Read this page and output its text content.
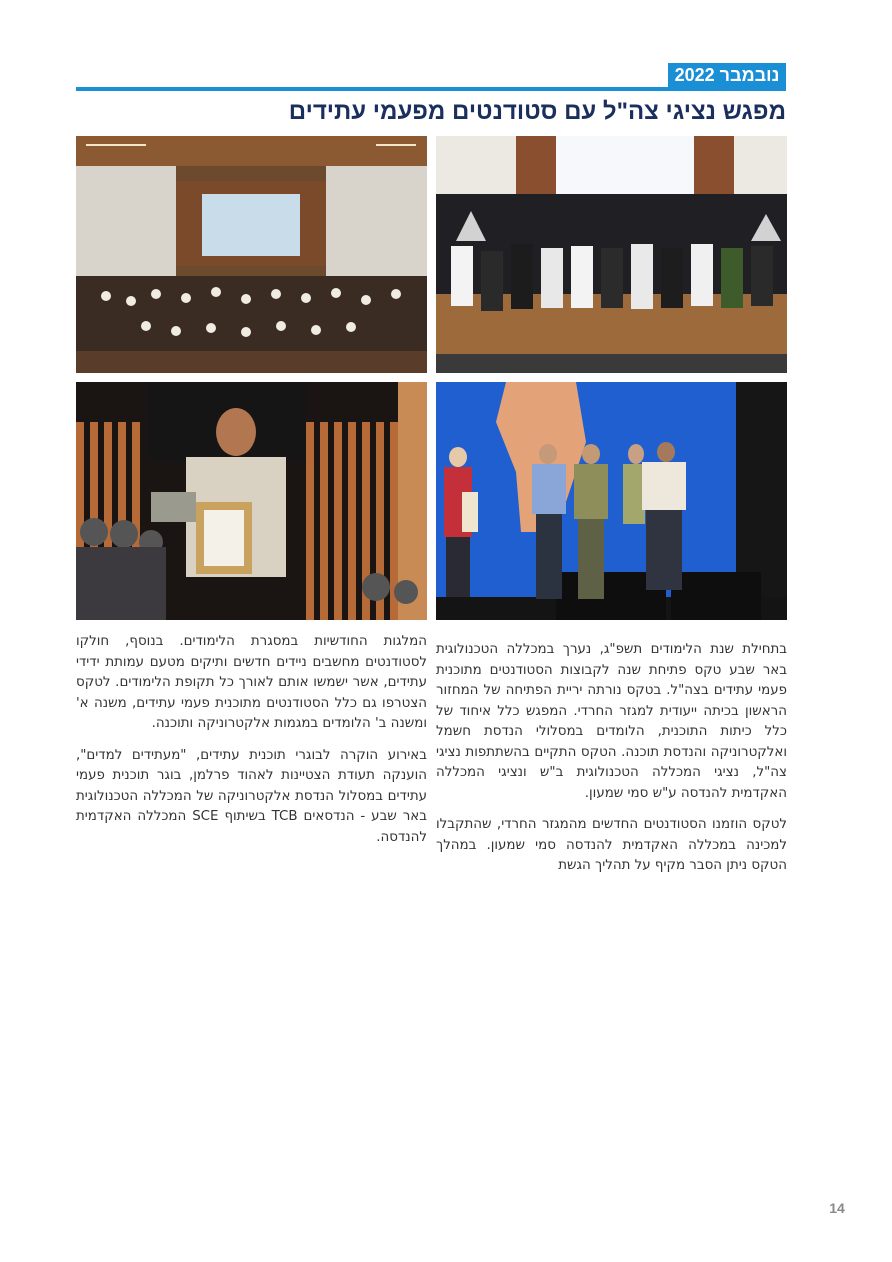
נובמבר 2022
מפגש נציגי צה"ל עם סטודנטים מפעמי עתידים

בתחילת שנת הלימודים תשפ"ג, נערך במכללה הטכנולוגית באר שבע טקס פתיחת שנה לקבוצות הסטודנטים מתוכנית פעמי עתידים בצה"ל. בטקס נורתה יריית הפתיחה של המחזור הראשון בכיתה ייעודית למגזר החרדי. המפגש כלל איחוד של כלל כיתות התוכנית, הלומדים במסלולי הנדסת חשמל ואלקטרוניקה והנדסת תוכנה. הטקס התקיים בהשתתפות נציגי צה"ל, נציגי המכללה הטכנולוגית ב"ש ונציגי המכללה האקדמית להנדסה ע"ש סמי שמעון.

לטקס הוזמנו הסטודנטים החדשים מהמגזר החרדי, שהתקבלו למכינה במכללה האקדמית להנדסה סמי שמעון. במהלך הטקס ניתן הסבר מקיף על תהליך הגשת

המלגות החודשיות במסגרת הלימודים. בנוסף, חולקו לסטודנטים מחשבים ניידים חדשים ותיקים מטעם עמותת ידידי עתידים, אשר ישמשו אותם לאורך כל תקופת הלימודים. לטקס הצטרפו גם כלל הסטודנטים מתוכנית פעמי עתידים, משנה א' ומשנה ב' הלומדים במגמות אלקטרוניקה ותוכנה.

באירוע הוקרה לבוגרי תוכנית עתידים, "מעתידים למדים", הוענקה תעודת הצטיינות לאהוד פרלמן, בוגר תוכנית פעמי עתידים במסלול הנדסת אלקטרוניקה של המכללה הטכנולוגית באר שבע - הנדסאים TCB בשיתוף SCE המכללה האקדמית להנדסה.

14
